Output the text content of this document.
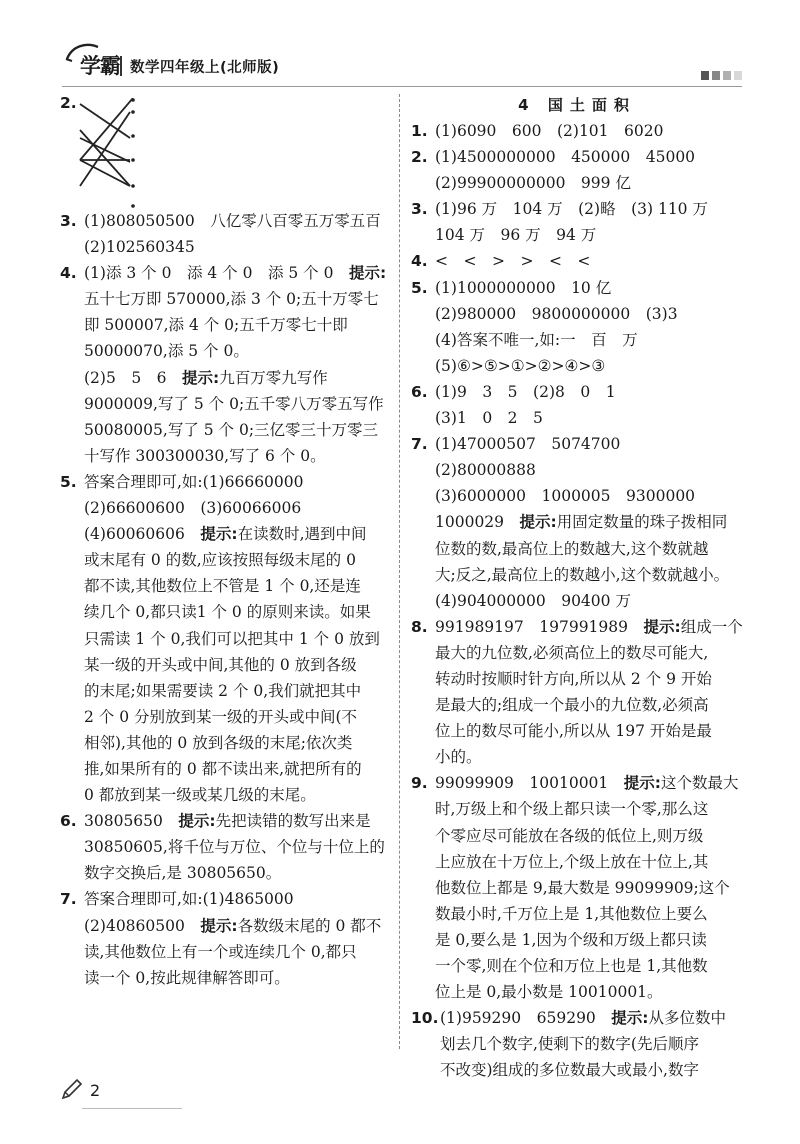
学霸 数学四年级上(北师版)
2.
3. (1)808050500　八亿零八百零五万零五百
(2)102560345
4. (1)添 3 个 0　添 4 个 0　添 5 个 0　提示:
五十七万即 570000,添 3 个 0;五十万零七
即 500007,添 4 个 0;五千万零七十即
50000070,添 5 个 0。
(2)5　5　6　提示:九百万零九写作
9000009,写了 5 个 0;五千零八万零五写作
50080005,写了 5 个 0;三亿零三十万零三
十写作 300300030,写了 6 个 0。
5. 答案合理即可,如:(1)66660000
(2)66600600　(3)60066006
(4)60060606　提示:在读数时,遇到中间
或末尾有 0 的数,应该按照每级末尾的 0
都不读,其他数位上不管是 1 个 0,还是连
续几个 0,都只读1 个 0 的原则来读。如果
只需读 1 个 0,我们可以把其中 1 个 0 放到
某一级的开头或中间,其他的 0 放到各级
的末尾;如果需要读 2 个 0,我们就把其中
2 个 0 分别放到某一级的开头或中间(不
相邻),其他的 0 放到各级的末尾;依次类
推,如果所有的 0 都不读出来,就把所有的
0 都放到某一级或某几级的末尾。
6. 30805650　提示:先把读错的数写出来是
30850605,将千位与万位、个位与十位上的
数字交换后,是 30805650。
7. 答案合理即可,如:(1)4865000
(2)40860500　提示:各数级末尾的 0 都不
读,其他数位上有一个或连续几个 0,都只
读一个 0,按此规律解答即可。
4 国土面积
1. (1)6090　600　(2)101　6020
2. (1)4500000000　450000　45000
(2)99900000000　999 亿
3. (1)96 万　104 万　(2)略　(3) 110 万
104 万　96 万　94 万
4. <　<　>　>　<　<
5. (1)1000000000　10 亿
(2)980000　9800000000　(3)3
(4)答案不唯一,如:一　百　万
(5)⑥>⑤>①>②>④>③
6. (1)9　3　5　(2)8　0　1
(3)1　0　2　5
7. (1)47000507　5074700
(2)80000888
(3)6000000　1000005　9300000
1000029　提示:用固定数量的珠子拨相同
位数的数,最高位上的数越大,这个数就越
大;反之,最高位上的数越小,这个数就越小。
(4)904000000　90400 万
8. 991989197　197991989　提示:组成一个
最大的九位数,必须高位上的数尽可能大,
转动时按顺时针方向,所以从 2 个 9 开始
是最大的;组成一个最小的九位数,必须高
位上的数尽可能小,所以从 197 开始是最
小的。
9. 99099909　10010001　提示:这个数最大
时,万级上和个级上都只读一个零,那么这
个零应尽可能放在各级的低位上,则万级
上应放在十万位上,个级上放在十位上,其
他数位上都是 9,最大数是 99099909;这个
数最小时,千万位上是 1,其他数位上要么
是 0,要么是 1,因为个级和万级上都只读
一个零,则在个位和万位上也是 1,其他数
位上是 0,最小数是 10010001。
10. (1)959290　659290　提示:从多位数中
划去几个数字,使剩下的数字(先后顺序
不改变)组成的多位数最大或最小,数字
2
